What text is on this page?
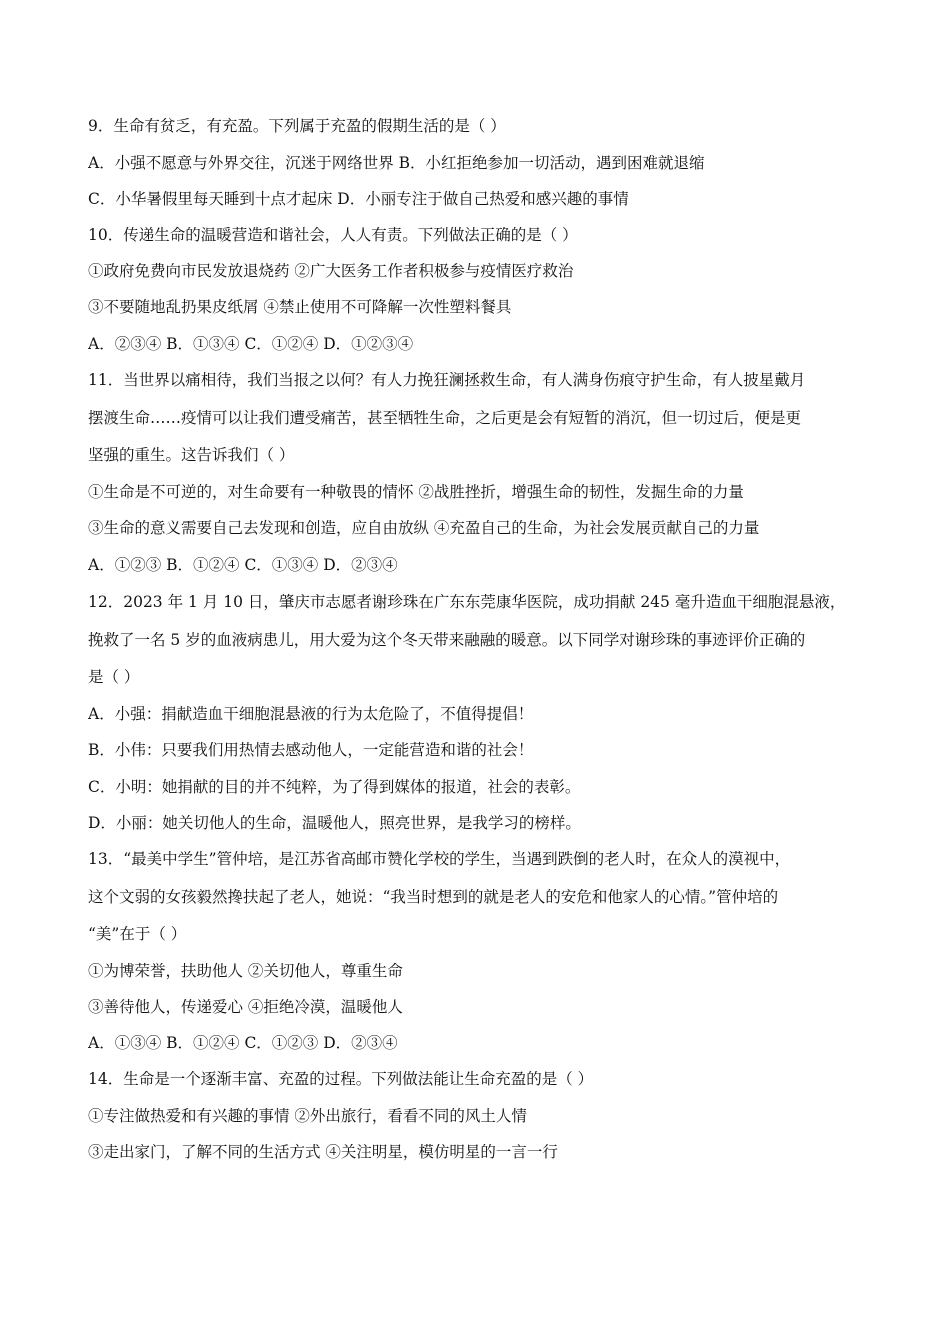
9．生命有贫乏，有充盈。下列属于充盈的假期生活的是（ ）
A．小强不愿意与外界交往，沉迷于网络世界 B．小红拒绝参加一切活动，遇到困难就退缩
C．小华暑假里每天睡到十点才起床 D．小丽专注于做自己热爱和感兴趣的事情
10．传递生命的温暖营造和谐社会，人人有责。下列做法正确的是（ ）
①政府免费向市民发放退烧药 ②广大医务工作者积极参与疫情医疗救治
③不要随地乱扔果皮纸屑 ④禁止使用不可降解一次性塑料餐具
A．②③④ B．①③④ C．①②④ D．①②③④
11．当世界以痛相待，我们当报之以何？有人力挽狂澜拯救生命，有人满身伤痕守护生命，有人披星戴月
摆渡生命……疫情可以让我们遭受痛苦，甚至牺牲生命，之后更是会有短暂的消沉，但一切过后，便是更
坚强的重生。这告诉我们（ ）
①生命是不可逆的，对生命要有一种敬畏的情怀 ②战胜挫折，增强生命的韧性，发掘生命的力量
③生命的意义需要自己去发现和创造，应自由放纵 ④充盈自己的生命，为社会发展贡献自己的力量
A．①②③ B．①②④ C．①③④ D．②③④
12．2023 年 1 月 10 日，肇庆市志愿者谢珍珠在广东东莞康华医院，成功捐献 245 毫升造血干细胞混悬液，
挽救了一名 5 岁的血液病患儿，用大爱为这个冬天带来融融的暖意。以下同学对谢珍珠的事迹评价正确的
是（ ）
A．小强：捐献造血干细胞混悬液的行为太危险了，不值得提倡！
B．小伟：只要我们用热情去感动他人，一定能营造和谐的社会！
C．小明：她捐献的目的并不纯粹，为了得到媒体的报道，社会的表彰。
D．小丽：她关切他人的生命，温暖他人，照亮世界，是我学习的榜样。
13．“最美中学生”管仲培，是江苏省高邮市赞化学校的学生，当遇到跌倒的老人时，在众人的漠视中，
这个文弱的女孩毅然搀扶起了老人，她说：“我当时想到的就是老人的安危和他家人的心情。”管仲培的
“美”在于（ ）
①为博荣誉，扶助他人 ②关切他人，尊重生命
③善待他人，传递爱心 ④拒绝冷漠，温暖他人
A．①③④ B．①②④ C．①②③ D．②③④
14．生命是一个逐渐丰富、充盈的过程。下列做法能让生命充盈的是（ ）
①专注做热爱和有兴趣的事情 ②外出旅行，看看不同的风土人情
③走出家门，了解不同的生活方式 ④关注明星，模仿明星的一言一行
